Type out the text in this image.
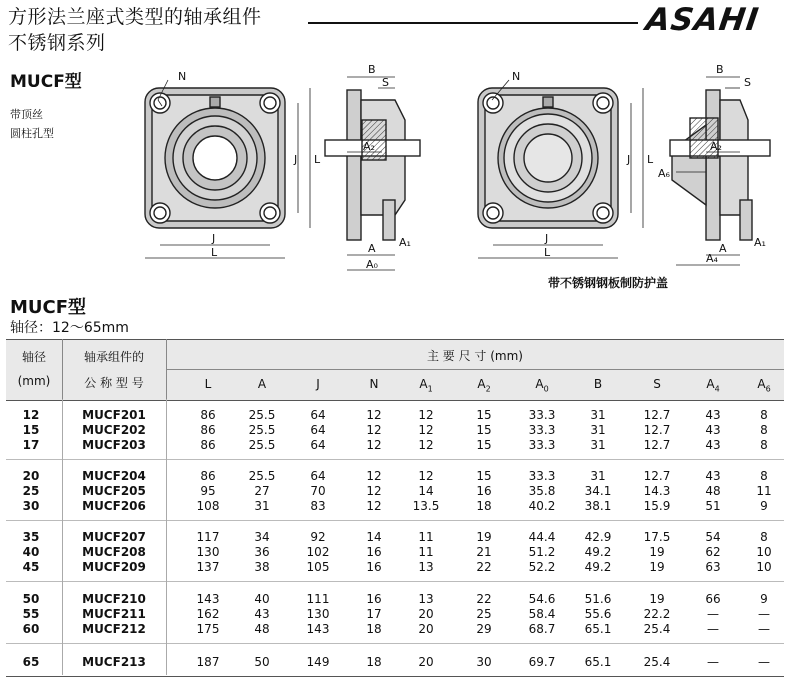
方形法兰座式类型的轴承组件
不锈钢系列
ASAHI
MUCF型
带顶丝
圆柱孔型
N
J
L
J L
B
S
A₂
A A₁
A₀
N
J
L
J L
B
S
A₂
A₆
A A₁
A₄
带不锈钢钢板制防护盖
MUCF型
轴径：12～65mm
轴径
(mm)
轴承组件的
公 称 型 号
主 要 尺 寸 (mm)
L	A	J	N	$A_1$	$A_2$	$A_0$	B	S	$A_4$	$A_6$
12	MUCF201	86	25.5	64	12	12	15	33.3	31	12.7	43	8
15	MUCF202	86	25.5	64	12	12	15	33.3	31	12.7	43	8
17	MUCF203	86	25.5	64	12	12	15	33.3	31	12.7	43	8
20	MUCF204	86	25.5	64	12	12	15	33.3	31	12.7	43	8
25	MUCF205	95	27	70	12	14	16	35.8	34.1	14.3	48	11
30	MUCF206	108	31	83	12	13.5	18	40.2	38.1	15.9	51	9
35	MUCF207	117	34	92	14	11	19	44.4	42.9	17.5	54	8
40	MUCF208	130	36	102	16	11	21	51.2	49.2	19	62	10
45	MUCF209	137	38	105	16	13	22	52.2	49.2	19	63	10
50	MUCF210	143	40	111	16	13	22	54.6	51.6	19	66	9
55	MUCF211	162	43	130	17	20	25	58.4	55.6	22.2	—	—
60	MUCF212	175	48	143	18	20	29	68.7	65.1	25.4	—	—
65	MUCF213	187	50	149	18	20	30	69.7	65.1	25.4	—	—
